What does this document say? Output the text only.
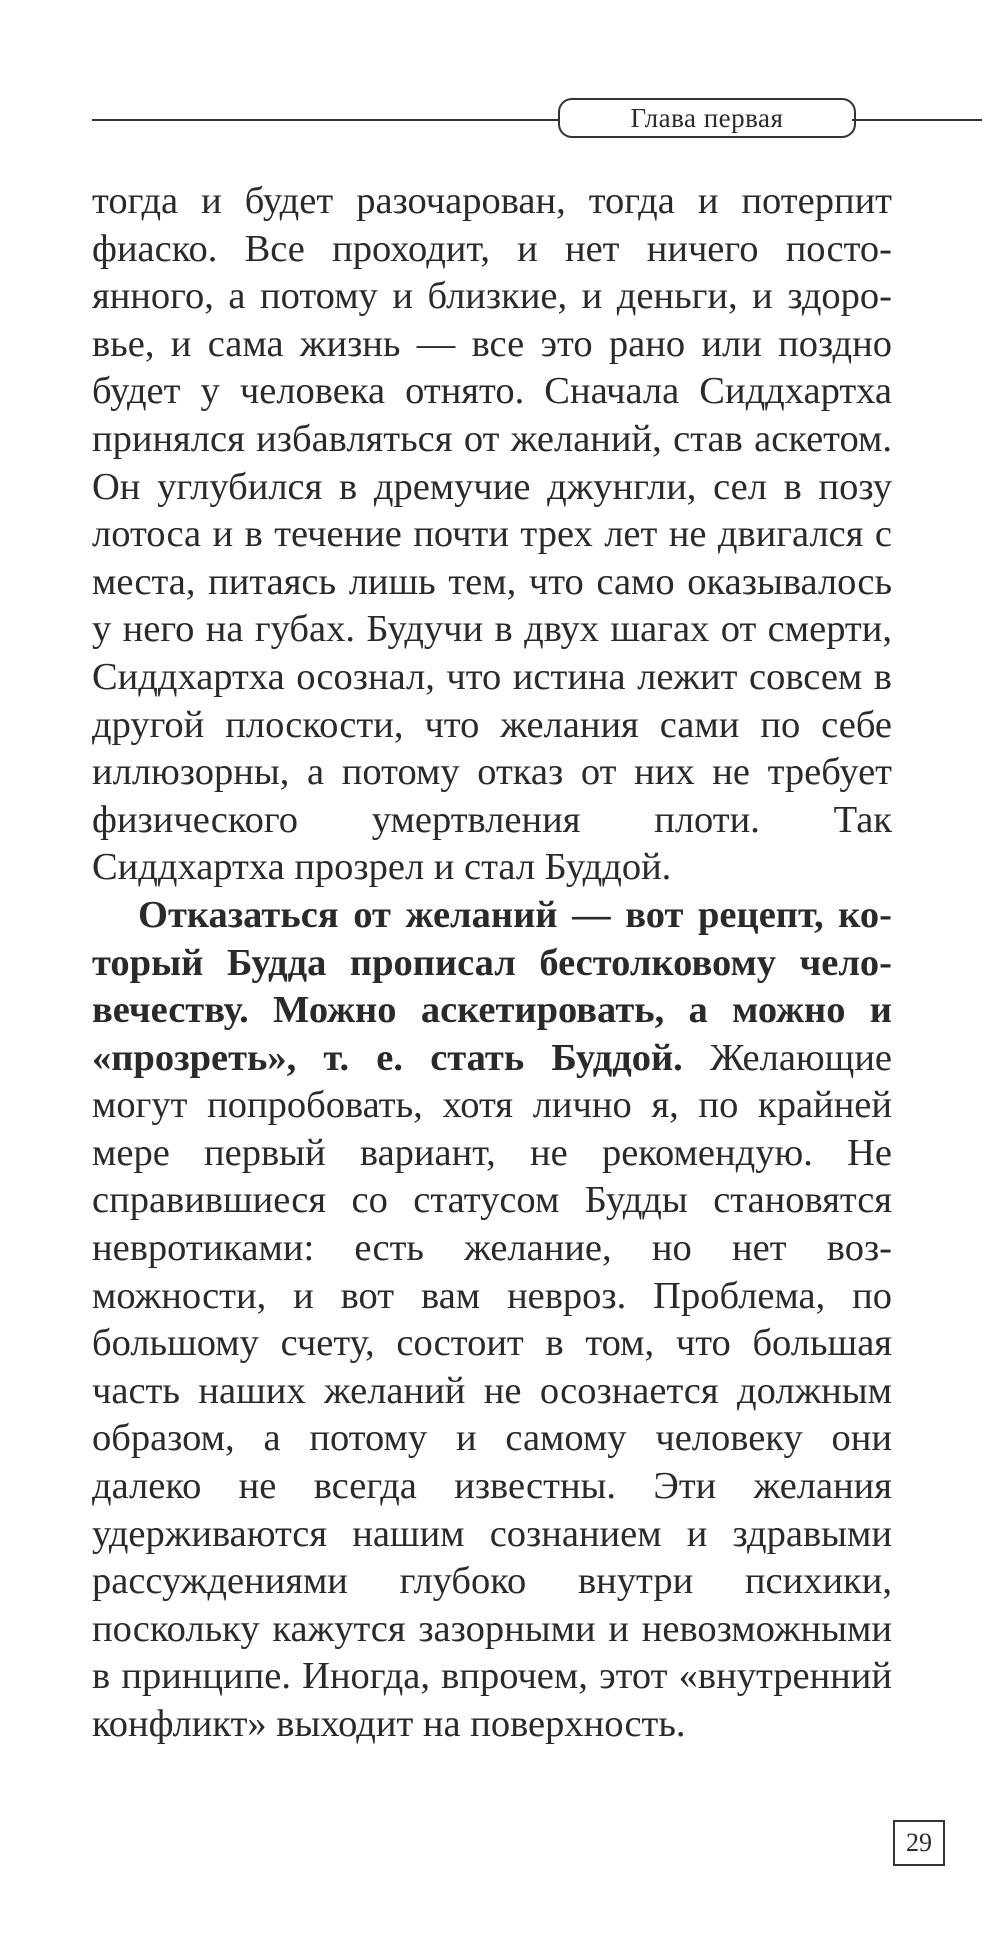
Глава первая

тогда и будет разочарован, тогда и потерпит фиаско. Все проходит, и нет ничего постоянного, а потому и близкие, и деньги, и здоровье, и сама жизнь — все это рано или поздно будет у человека отнято. Сначала Сиддхартха принялся избавляться от желаний, став аскетом. Он углубился в дремучие джунгли, сел в позу лотоса и в течение почти трех лет не двигался с места, питаясь лишь тем, что само оказывалось у него на губах. Будучи в двух шагах от смерти, Сиддхартха осознал, что истина лежит совсем в другой плоскости, что желания сами по себе иллюзорны, а потому отказ от них не требует физического умертвления плоти. Так Сиддхартха прозрел и стал Буддой.

Отказаться от желаний — вот рецепт, который Будда прописал бестолковому человечеству. Можно аскетировать, а можно и «прозреть», т. е. стать Буддой. Желающие могут попробовать, хотя лично я, по крайней мере первый вариант, не рекомендую. Не справившиеся со статусом Будды становятся невротиками: есть желание, но нет возможности, и вот вам невроз. Проблема, по большому счету, состоит в том, что большая часть наших желаний не осознается должным образом, а потому и самому человеку они далеко не всегда известны. Эти желания удерживаются нашим сознанием и здравыми рассуждениями глубоко внутри психики, поскольку кажутся зазорными и невозможными в принципе. Иногда, впрочем, этот «внутренний конфликт» выходит на поверхность.

29
